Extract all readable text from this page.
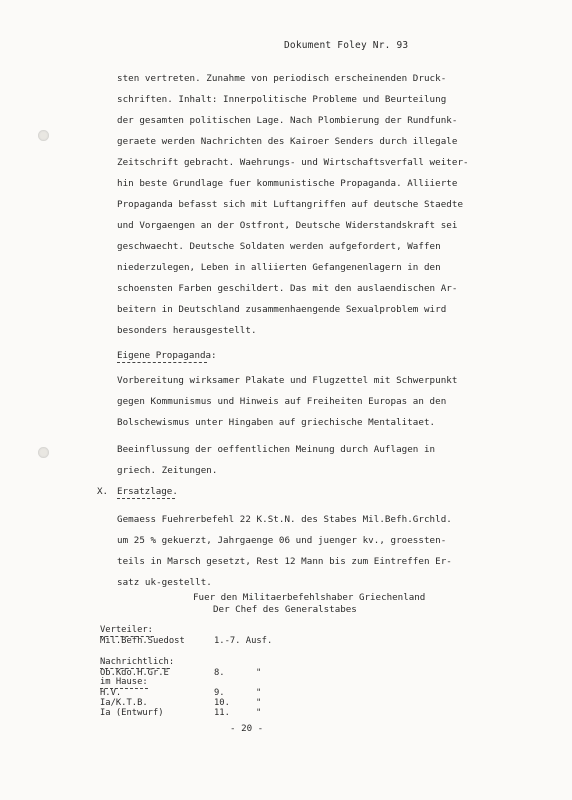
Dokument Foley Nr. 93
sten vertreten. Zunahme von periodisch erscheinenden Druck-
schriften. Inhalt: Innerpolitische Probleme und Beurteilung
der gesamten politischen Lage. Nach Plombierung der Rundfunk-
geraete werden Nachrichten des Kairoer Senders durch illegale
Zeitschrift gebracht. Waehrungs- und Wirtschaftsverfall weiter-
hin beste Grundlage fuer kommunistische Propaganda. Alliierte
Propaganda befasst sich mit Luftangriffen auf deutsche Staedte
und Vorgaengen an der Ostfront, Deutsche Widerstandskraft sei
geschwaecht. Deutsche Soldaten werden aufgefordert, Waffen
niederzulegen, Leben in alliierten Gefangenenlagern in den
schoensten Farben geschildert. Das mit den auslaendischen Ar-
beitern in Deutschland zusammenhaengende Sexualproblem wird
besonders herausgestellt.
Eigene Propaganda:
Vorbereitung wirksamer Plakate und Flugzettel mit Schwerpunkt
gegen Kommunismus und Hinweis auf Freiheiten Europas an den
Bolschewismus unter Hingaben auf griechische Mentalitaet.
Beeinflussung der oeffentlichen Meinung durch Auflagen in
griech. Zeitungen.
X. Ersatzlage.
Gemaess Fuehrerbefehl 22 K.St.N. des Stabes Mil.Befh.Grchld.
um 25 % gekuerzt, Jahrgaenge 06 und juenger kv., groessten-
teils in Marsch gesetzt, Rest 12 Mann bis zum Eintreffen Er-
satz uk-gestellt.
Fuer den Militaerbefehlshaber Griechenland
Der Chef des Generalstabes
Verteiler:
Mil.Befh.Suedost	1.-7. Ausf.
Nachrichtlich:
Ob.Kdo.H.Gr.E	8.	"
im Hause:
H.V.	9.	"
Ia/K.T.B.	10.	"
Ia (Entwurf)	11.	"
- 20 -
